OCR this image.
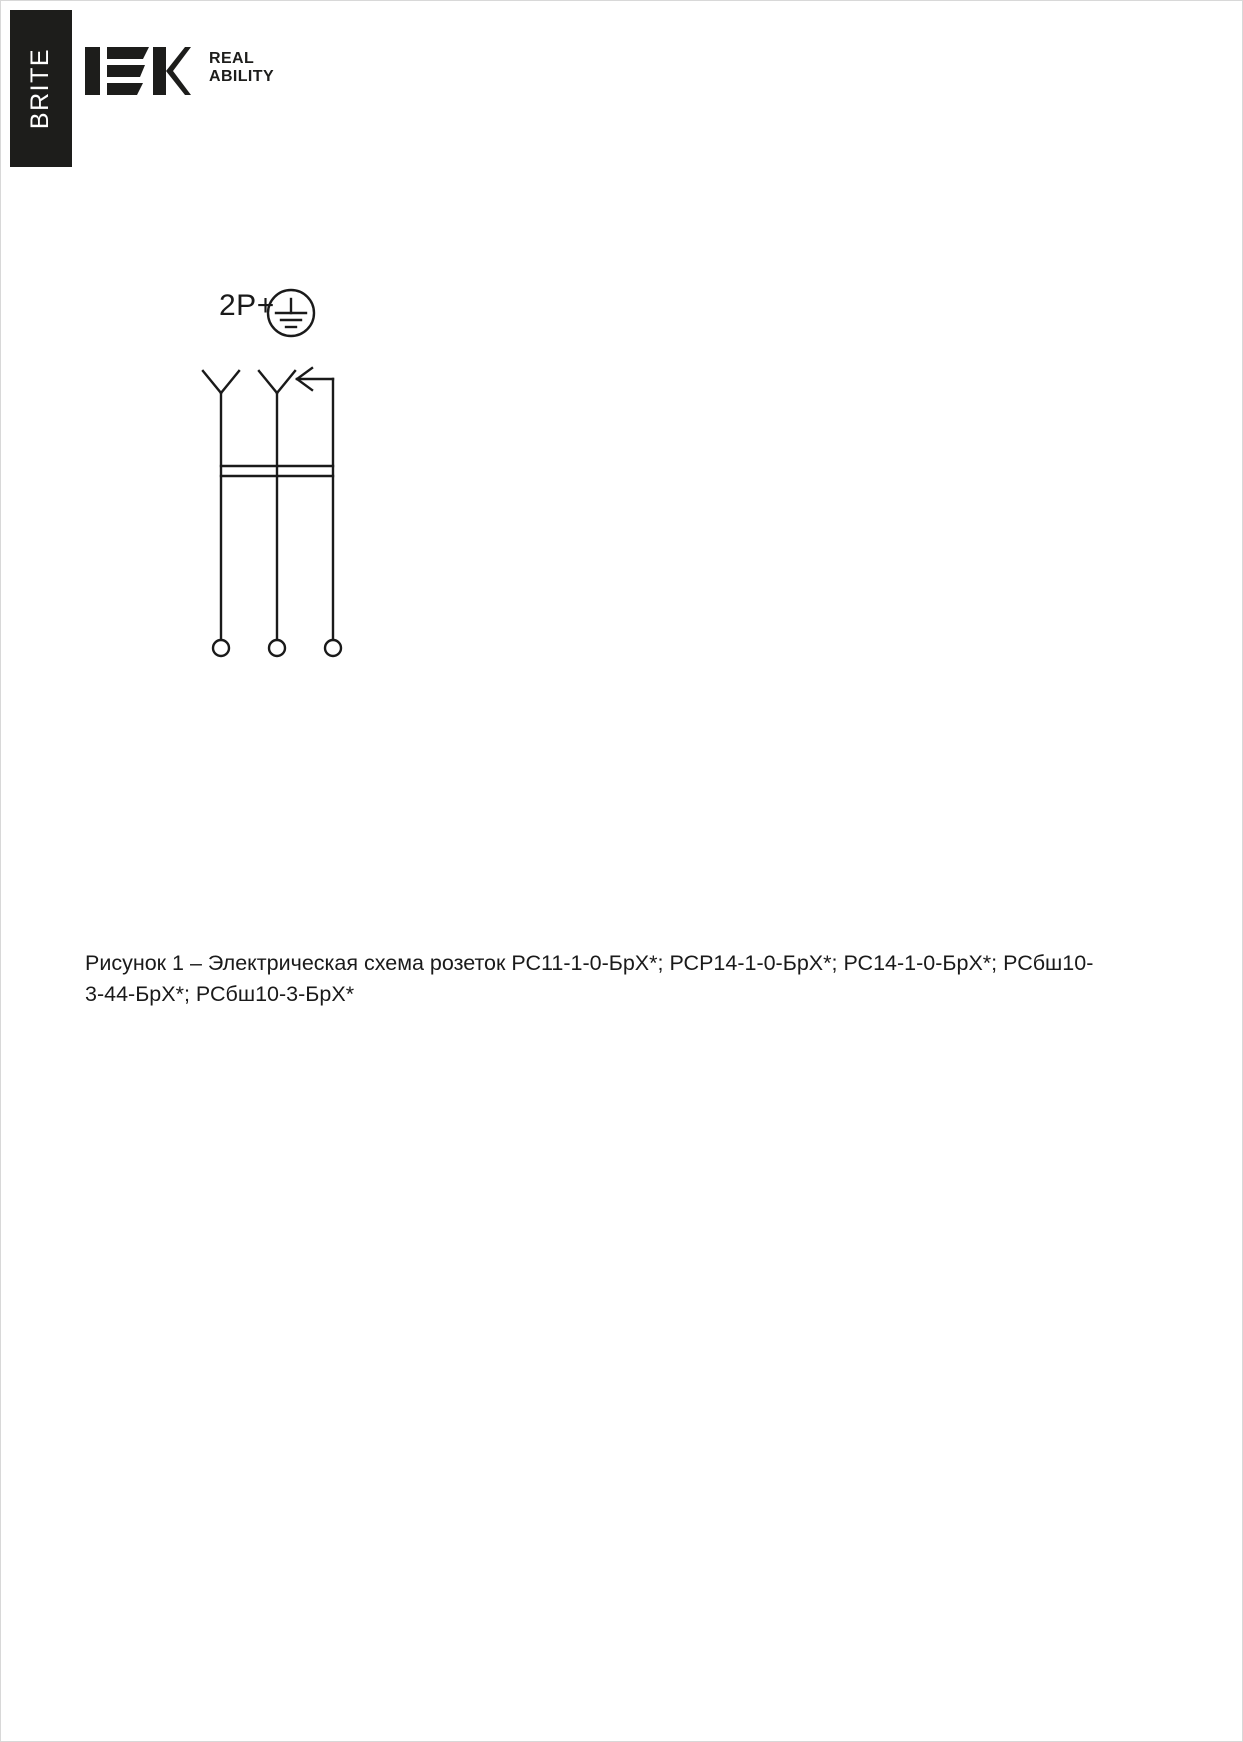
BRITE	REAL
ABILITY
2P+
Рисунок 1 – Электрическая схема розеток РС11-1-0-БрХ*; РСР14-1-0-БрХ*; РС14-1-0-БрХ*; РСбш10-3-44-БрХ*; РСбш10-3-БрХ*
